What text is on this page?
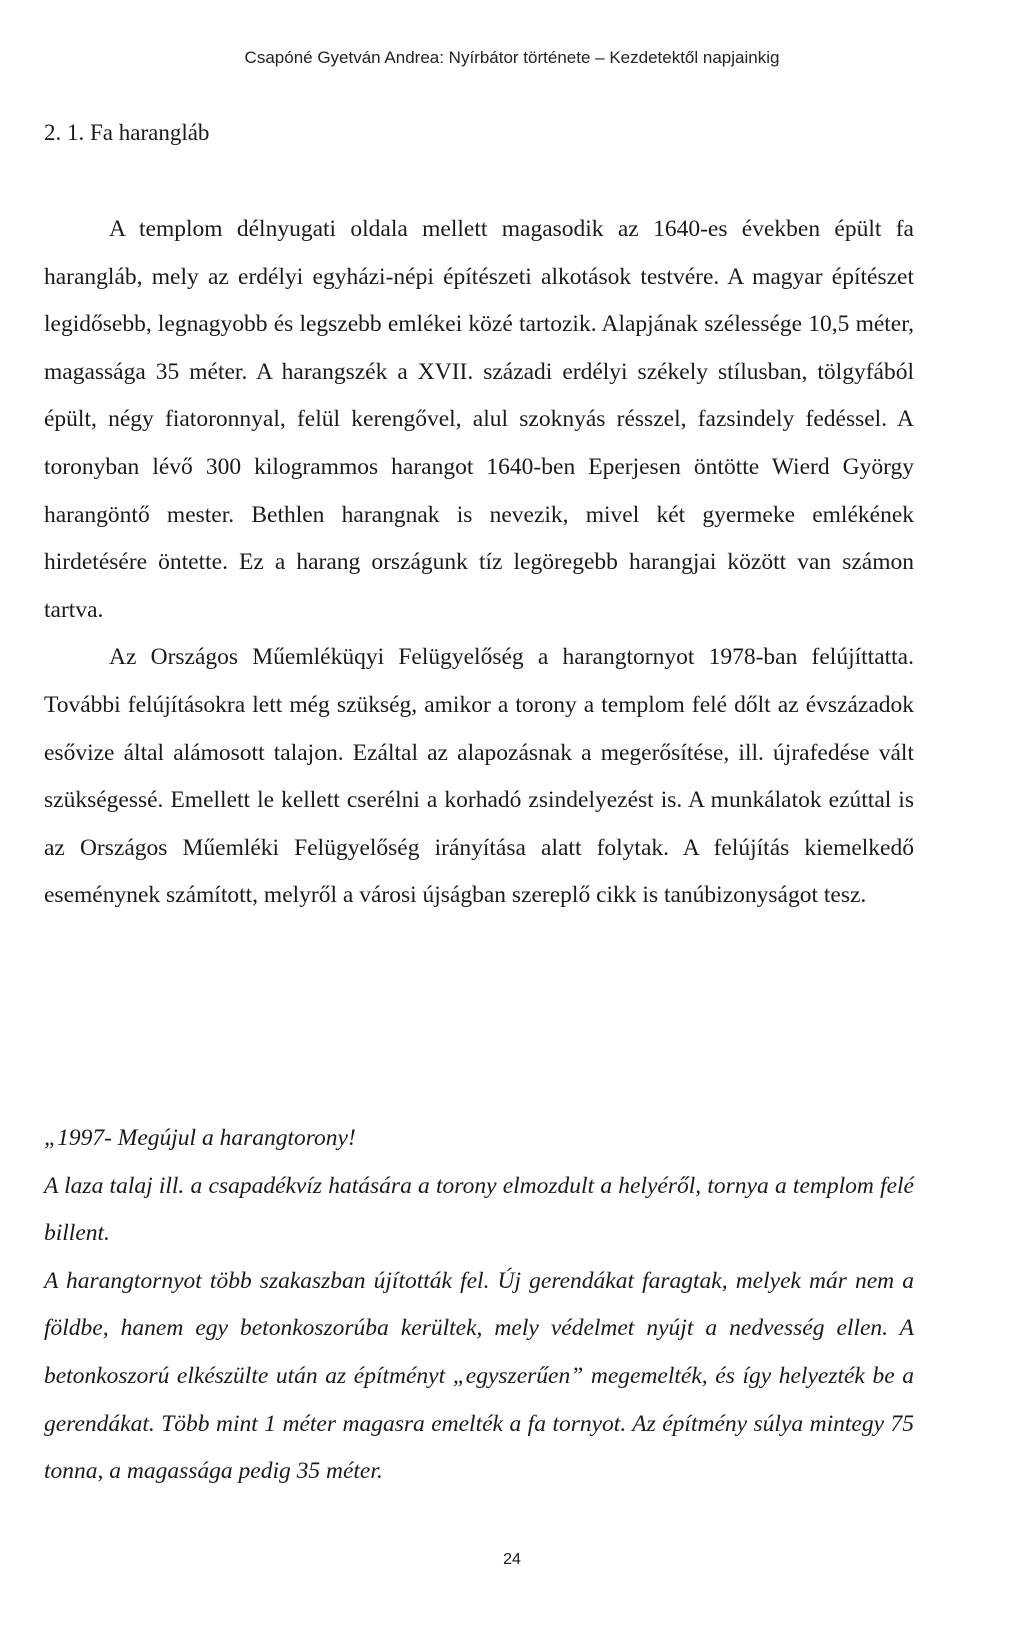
Csapóné Gyetván Andrea: Nyírbátor története – Kezdetektől napjainkig
2. 1. Fa harangláb

A templom délnyugati oldala mellett magasodik az 1640-es években épült fa harangláb, mely az erdélyi egyházi-népi építészeti alkotások testvére. A magyar építészet legidősebb, legnagyobb és legszebb emlékei közé tartozik. Alapjának szélessége 10,5 méter, magassága 35 méter. A harangszék a XVII. századi erdélyi székely stílusban, tölgyfából épült, négy fiatoronnyal, felül kerengővel, alul szoknyás résszel, fazsindely fedéssel. A toronyban lévő 300 kilogrammos harangot 1640-ben Eperjesen öntötte Wierd György harangöntő mester. Bethlen harangnak is nevezik, mivel két gyermeke emlékének hirdetésére öntette. Ez a harang országunk tíz legöregebb harangjai között van számon tartva.

Az Országos Műemléküqyi Felügyelőség a harangtornyot 1978-ban felújíttatta. További felújításokra lett még szükség, amikor a torony a templom felé dőlt az évszázadok esővize által alámosott talajon. Ezáltal az alapozásnak a megerősítése, ill. újrafedése vált szükségessé. Emellett le kellett cserélni a korhadó zsindelyezést is. A munkálatok ezúttal is az Országos Műemléki Felügyelőség irányítása alatt folytak. A felújítás kiemelkedő eseménynek számított, melyről a városi újságban szereplő cikk is tanúbizonyságot tesz.

„1997- Megújul a harangtorony!

A laza talaj ill. a csapadékvíz hatására a torony elmozdult a helyéről, tornya a templom felé billent.

A harangtornyot több szakaszban újították fel. Új gerendákat faragtak, melyek már nem a földbe, hanem egy betonkoszorúba kerültek, mely védelmet nyújt a nedvesség ellen. A betonkoszorú elkészülte után az építményt „egyszerűen” megemelték, és így helyezték be a gerendákat. Több mint 1 méter magasra emelték a fa tornyot. Az építmény súlya mintegy 75 tonna, a magassága pedig 35 méter.

24
